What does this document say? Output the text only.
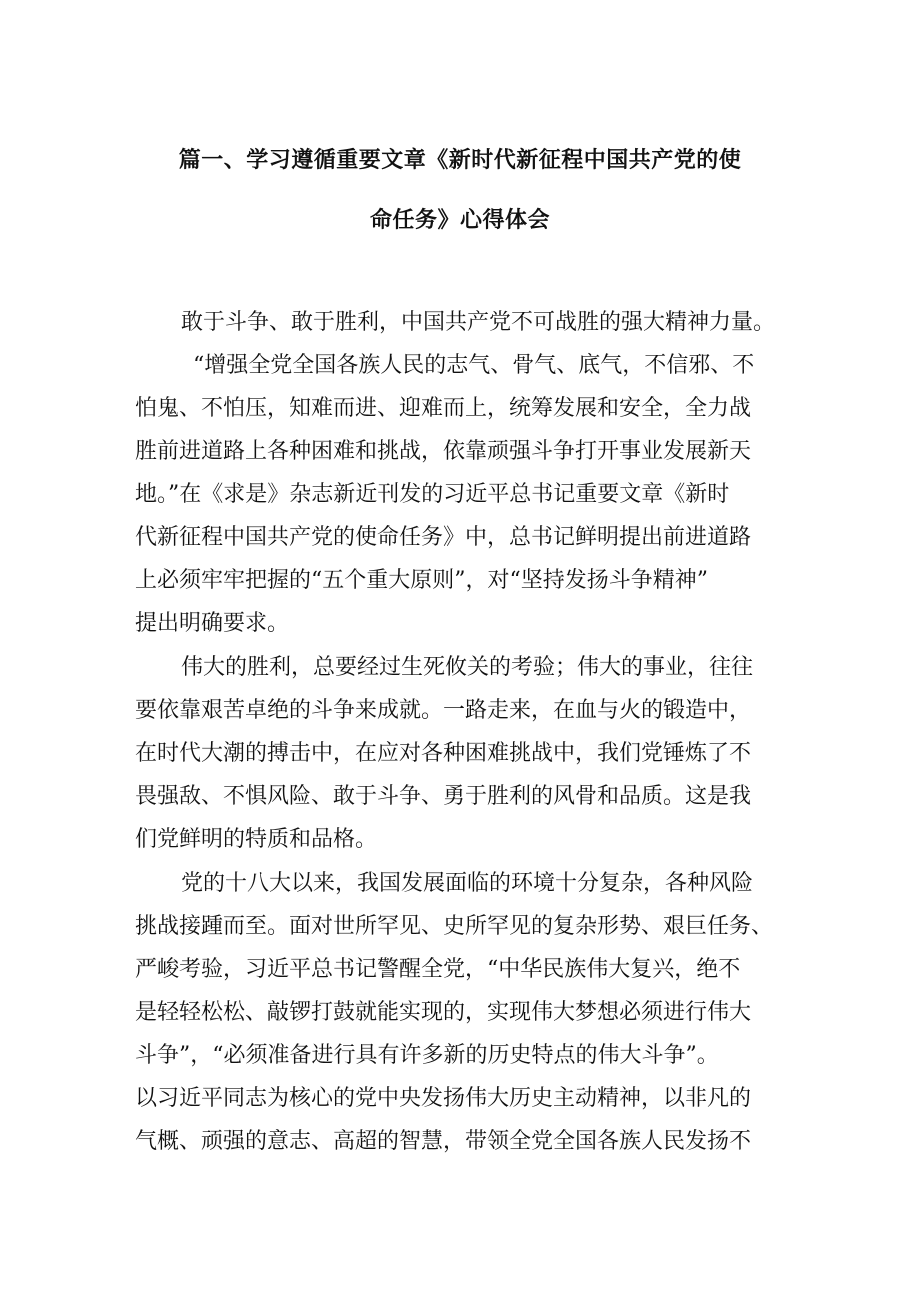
篇一、学习遵循重要文章《新时代新征程中国共产党的使
命任务》心得体会
敢于斗争、敢于胜利，中国共产党不可战胜的强大精神力量。
“增强全党全国各族人民的志气、骨气、底气，不信邪、不
怕鬼、不怕压，知难而进、迎难而上，统筹发展和安全，全力战
胜前进道路上各种困难和挑战，依靠顽强斗争打开事业发展新天
地。”在《求是》杂志新近刊发的习近平总书记重要文章《新时
代新征程中国共产党的使命任务》中，总书记鲜明提出前进道路
上必须牢牢把握的“五个重大原则”，对“坚持发扬斗争精神”
提出明确要求。
伟大的胜利，总要经过生死攸关的考验；伟大的事业，往往
要依靠艰苦卓绝的斗争来成就。一路走来，在血与火的锻造中，
在时代大潮的搏击中，在应对各种困难挑战中，我们党锤炼了不
畏强敌、不惧风险、敢于斗争、勇于胜利的风骨和品质。这是我
们党鲜明的特质和品格。
党的十八大以来，我国发展面临的环境十分复杂，各种风险
挑战接踵而至。面对世所罕见、史所罕见的复杂形势、艰巨任务、
严峻考验，习近平总书记警醒全党，“中华民族伟大复兴，绝不
是轻轻松松、敲锣打鼓就能实现的，实现伟大梦想必须进行伟大
斗争”，“必须准备进行具有许多新的历史特点的伟大斗争”。
以习近平同志为核心的党中央发扬伟大历史主动精神，以非凡的
气概、顽强的意志、高超的智慧，带领全党全国各族人民发扬不
